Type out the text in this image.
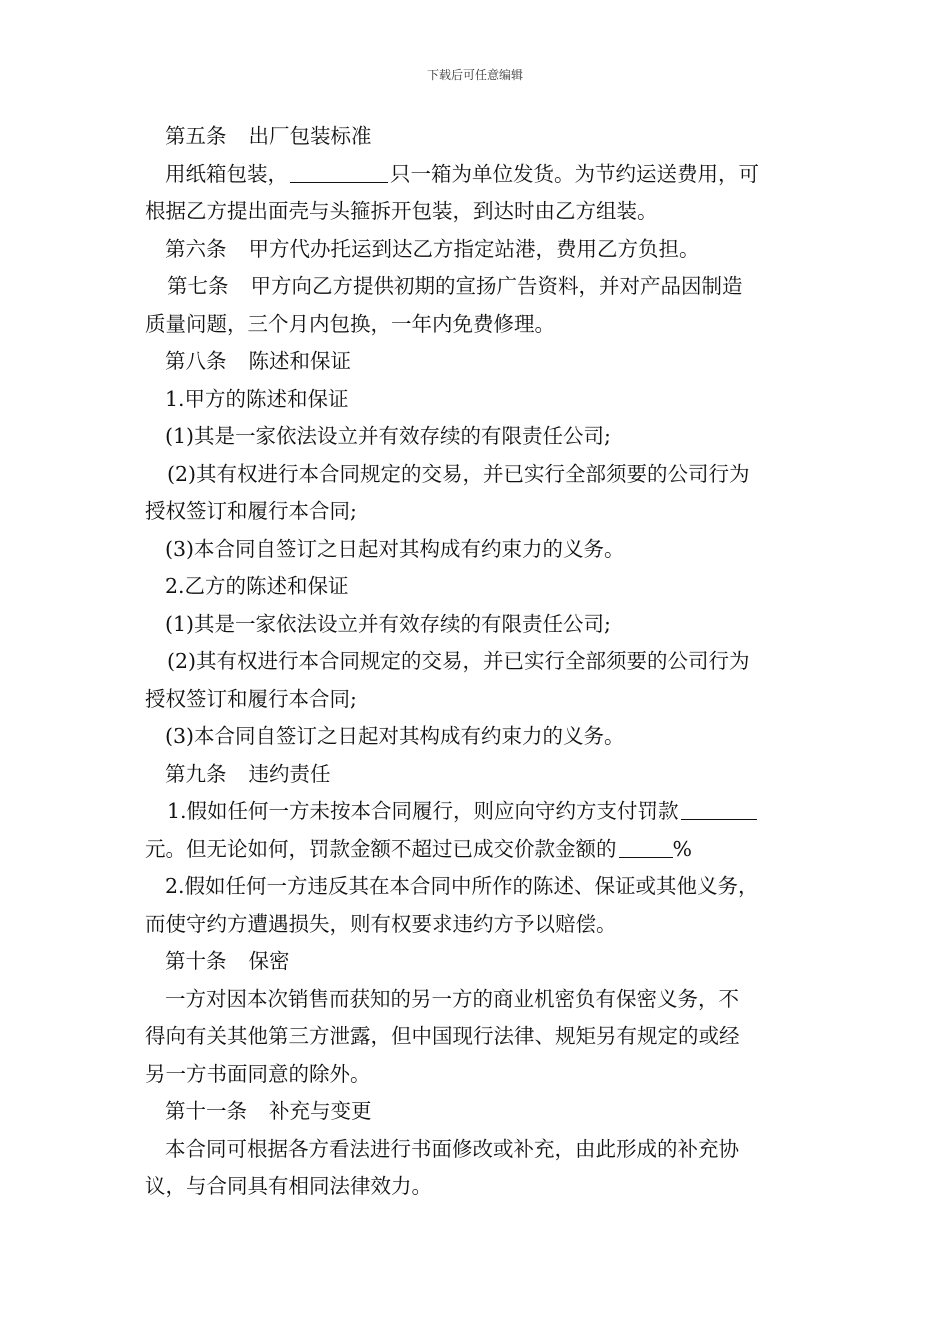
下载后可任意编辑
第五条 出厂包装标准
用纸箱包装，	只一箱为单位发货。为节约运送费用，可
根据乙方提出面壳与头箍拆开包装，到达时由乙方组装。
第六条 甲方代办托运到达乙方指定站港，费用乙方负担。
第七条 甲方向乙方提供初期的宣扬广告资料，并对产品因制造
质量问题，三个月内包换，一年内免费修理。
第八条 陈述和保证
1.甲方的陈述和保证
(1)其是一家依法设立并有效存续的有限责任公司;
(2)其有权进行本合同规定的交易，并已实行全部须要的公司行为
授权签订和履行本合同;
(3)本合同自签订之日起对其构成有约束力的义务。
2.乙方的陈述和保证
(1)其是一家依法设立并有效存续的有限责任公司;
(2)其有权进行本合同规定的交易，并已实行全部须要的公司行为
授权签订和履行本合同;
(3)本合同自签订之日起对其构成有约束力的义务。
第九条 违约责任
1.假如任何一方未按本合同履行，则应向守约方支付罚款
元。但无论如何，罚款金额不超过已成交价款金额的	%
2.假如任何一方违反其在本合同中所作的陈述、保证或其他义务，
而使守约方遭遇损失，则有权要求违约方予以赔偿。
第十条 保密
一方对因本次销售而获知的另一方的商业机密负有保密义务，不
得向有关其他第三方泄露，但中国现行法律、规矩另有规定的或经
另一方书面同意的除外。
第十一条 补充与变更
本合同可根据各方看法进行书面修改或补充，由此形成的补充协
议，与合同具有相同法律效力。
